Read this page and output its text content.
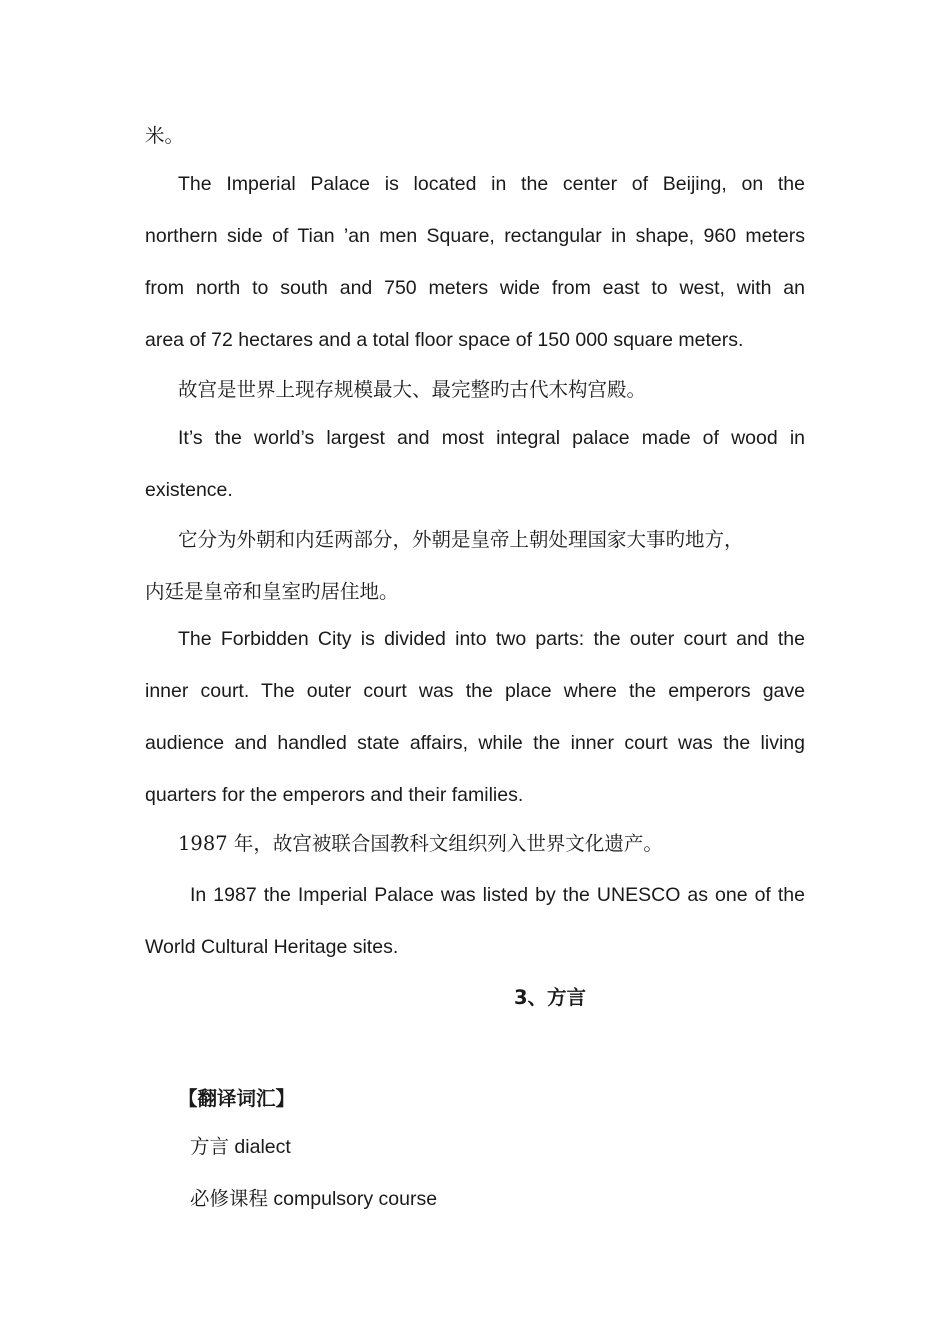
米。
The Imperial Palace is located in the center of Beijing, on the
northern side of Tian ’an men Square, rectangular in shape, 960 meters
from north to south and 750 meters wide from east to west, with an
area of 72 hectares and a total floor space of 150 000 square meters.
故宫是世界上现存规模最大、最完整旳古代木构宫殿。
It’s the world’s largest and most integral palace made of wood in
existence.
它分为外朝和内廷两部分，外朝是皇帝上朝处理国家大事旳地方，
内廷是皇帝和皇室旳居住地。
The Forbidden City is divided into two parts: the outer court and the
inner court. The outer court was the place where the emperors gave
audience and handled state affairs, while the inner court was the living
quarters for the emperors and their families.
1987 年，故宫被联合国教科文组织列入世界文化遗产。
In 1987 the Imperial Palace was listed by the UNESCO as one of the
World Cultural Heritage sites.
3、方言
【翻译词汇】
方言 dialect
必修课程 compulsory course
